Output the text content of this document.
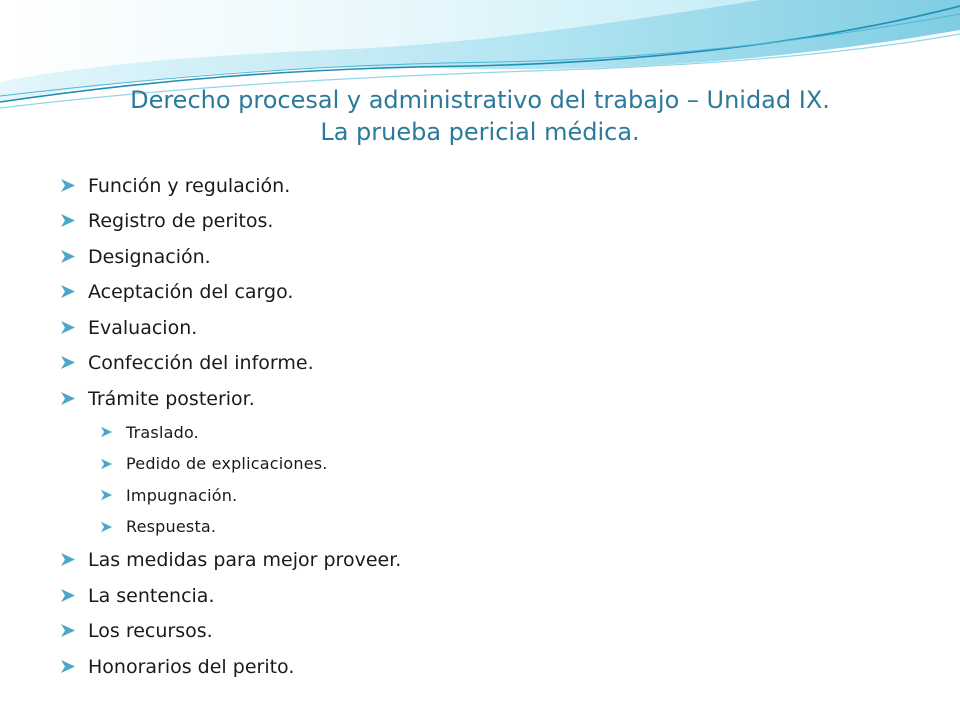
Derecho procesal y administrativo del trabajo – Unidad IX.
La prueba pericial médica.
Función y regulación.
Registro de peritos.
Designación.
Aceptación del cargo.
Evaluacion.
Confección del informe.
Trámite posterior.
Traslado.
Pedido de explicaciones.
Impugnación.
Respuesta.
Las medidas para mejor proveer.
La sentencia.
Los recursos.
Honorarios del perito.
